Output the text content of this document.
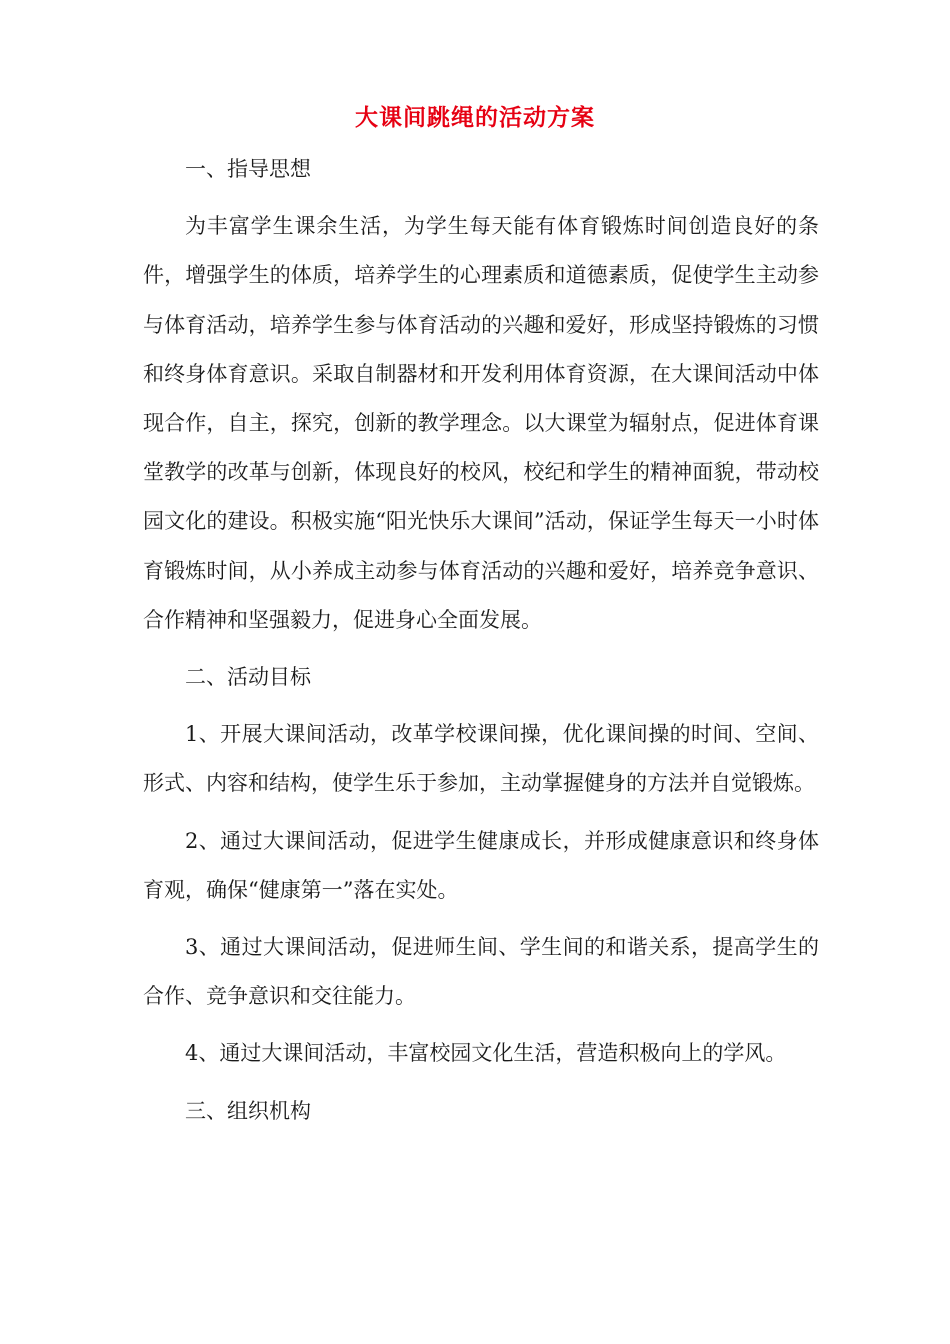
大课间跳绳的活动方案

一、指导思想

为丰富学生课余生活，为学生每天能有体育锻炼时间创造良好的条件，增强学生的体质，培养学生的心理素质和道德素质，促使学生主动参与体育活动，培养学生参与体育活动的兴趣和爱好，形成坚持锻炼的习惯和终身体育意识。采取自制器材和开发利用体育资源，在大课间活动中体现合作，自主，探究，创新的教学理念。以大课堂为辐射点，促进体育课堂教学的改革与创新，体现良好的校风，校纪和学生的精神面貌，带动校园文化的建设。积极实施“阳光快乐大课间”活动，保证学生每天一小时体育锻炼时间，从小养成主动参与体育活动的兴趣和爱好，培养竞争意识、合作精神和坚强毅力，促进身心全面发展。

二、活动目标

1、开展大课间活动，改革学校课间操，优化课间操的时间、空间、形式、内容和结构，使学生乐于参加，主动掌握健身的方法并自觉锻炼。

2、通过大课间活动，促进学生健康成长，并形成健康意识和终身体育观，确保“健康第一”落在实处。

3、通过大课间活动，促进师生间、学生间的和谐关系，提高学生的合作、竞争意识和交往能力。

4、通过大课间活动，丰富校园文化生活，营造积极向上的学风。

三、组织机构
